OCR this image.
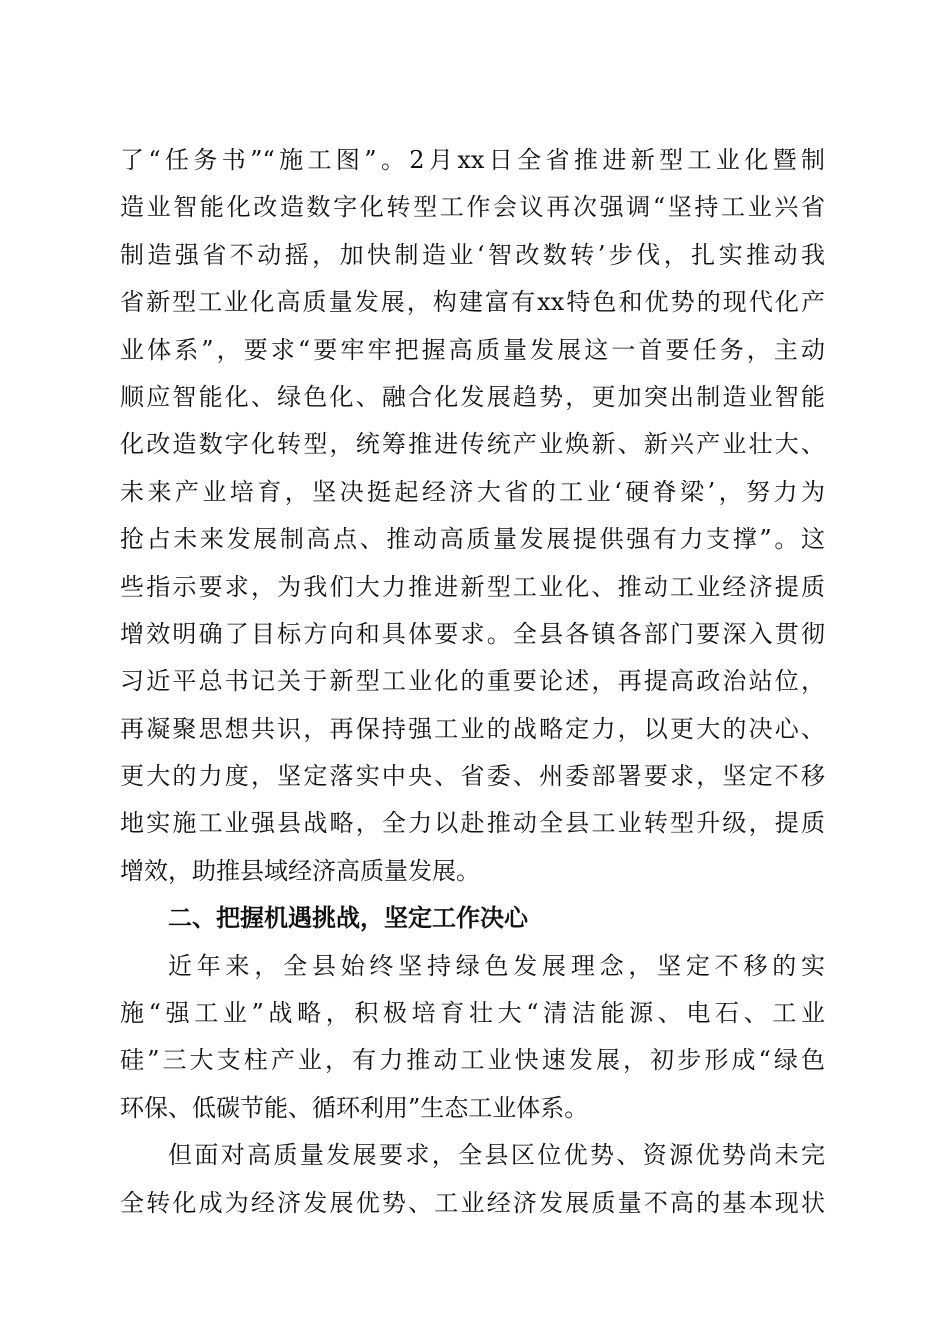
了“任务书”“施工图”。2月xx日全省推进新型工业化暨制
造业智能化改造数字化转型工作会议再次强调“坚持工业兴省
制造强省不动摇，加快制造业‘智改数转’步伐，扎实推动我
省新型工业化高质量发展，构建富有xx特色和优势的现代化产
业体系”，要求“要牢牢把握高质量发展这一首要任务，主动
顺应智能化、绿色化、融合化发展趋势，更加突出制造业智能
化改造数字化转型，统筹推进传统产业焕新、新兴产业壮大、
未来产业培育，坚决挺起经济大省的工业‘硬脊梁’，努力为
抢占未来发展制高点、推动高质量发展提供强有力支撑”。这
些指示要求，为我们大力推进新型工业化、推动工业经济提质
增效明确了目标方向和具体要求。全县各镇各部门要深入贯彻
习近平总书记关于新型工业化的重要论述，再提高政治站位，
再凝聚思想共识，再保持强工业的战略定力，以更大的决心、
更大的力度，坚定落实中央、省委、州委部署要求，坚定不移
地实施工业强县战略，全力以赴推动全县工业转型升级，提质
增效，助推县域经济高质量发展。
二、把握机遇挑战，坚定工作决心
近年来，全县始终坚持绿色发展理念，坚定不移的实
施“强工业”战略，积极培育壮大“清洁能源、电石、工业
硅”三大支柱产业，有力推动工业快速发展，初步形成“绿色
环保、低碳节能、循环利用”生态工业体系。
但面对高质量发展要求，全县区位优势、资源优势尚未完
全转化成为经济发展优势、工业经济发展质量不高的基本现状
